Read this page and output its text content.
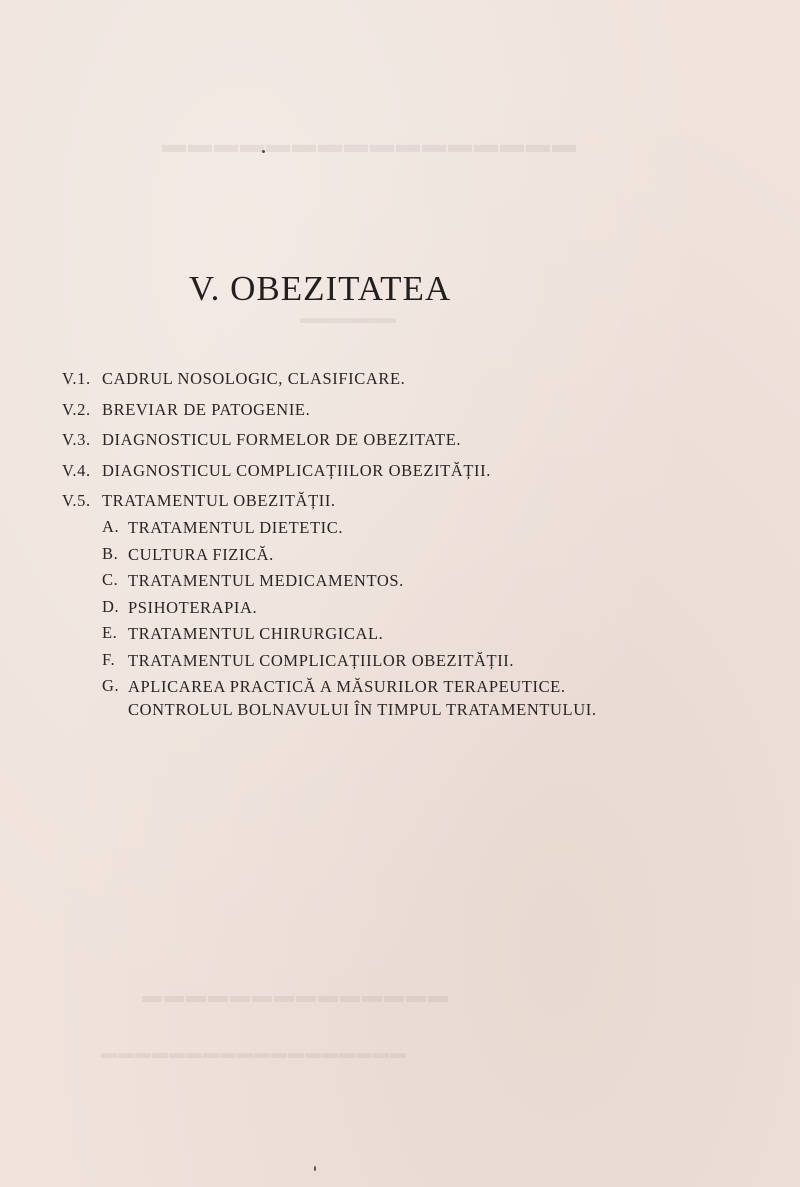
▬▬▬▬▬▬▬▬▬▬▬▬▬▬▬▬
▬▬▬▬▬▬
▬▬▬▬▬▬▬▬▬▬▬▬▬▬
▬▬▬▬▬▬▬▬▬▬▬▬▬▬▬▬▬▬
V. OBEZITATEA
V.1. CADRUL NOSOLOGIC, CLASIFICARE.
V.2. BREVIAR DE PATOGENIE.
V.3. DIAGNOSTICUL FORMELOR DE OBEZITATE.
V.4. DIAGNOSTICUL COMPLICAȚIILOR OBEZITĂȚII.
V.5. TRATAMENTUL OBEZITĂȚII.
A. TRATAMENTUL DIETETIC.
B. CULTURA FIZICĂ.
C. TRATAMENTUL MEDICAMENTOS.
D. PSIHOTERAPIA.
E. TRATAMENTUL CHIRURGICAL.
F. TRATAMENTUL COMPLICAȚIILOR OBEZITĂȚII.
G. APLICAREA PRACTICĂ A MĂSURILOR TERAPEUTICE.
CONTROLUL BOLNAVULUI ÎN TIMPUL TRATAMENTULUI.
